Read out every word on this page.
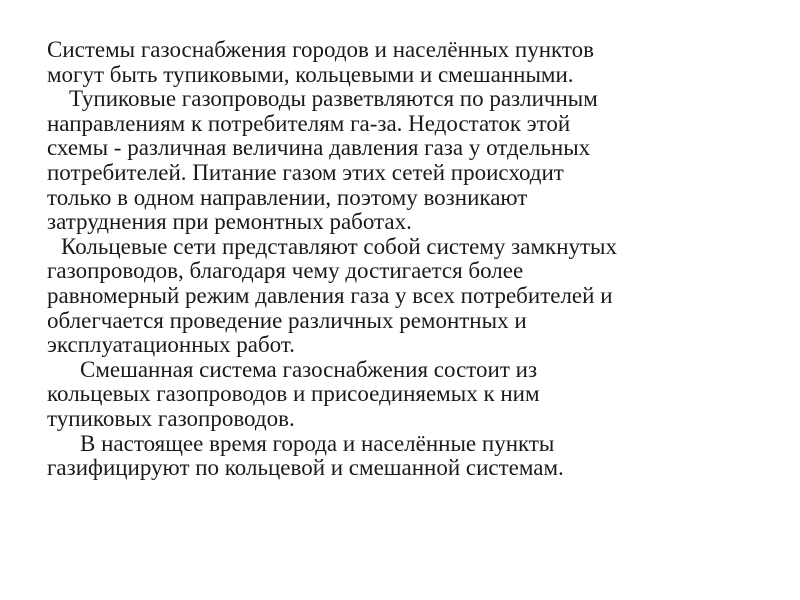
Системы газоснабжения городов и населённых пунктов
могут быть тупиковыми, кольцевыми и смешанными.

Тупиковые газопроводы разветвляются по различным
направлениям к потребителям га-за. Недостаток этой
схемы - различная величина давления газа у отдельных
потребителей. Питание газом этих сетей происходит
только в одном направлении, поэтому возникают
затруднения при ремонтных работах.

Кольцевые сети представляют собой систему замкнутых
газопроводов, благодаря чему достигается более
равномерный режим давления газа у всех потребителей и
облегчается проведение различных ремонтных и
эксплуатационных работ.

Смешанная система газоснабжения состоит из
кольцевых газопроводов и присоединяемых к ним
тупиковых газопроводов.

В настоящее время города и населённые пункты
газифицируют по кольцевой и смешанной системам.
